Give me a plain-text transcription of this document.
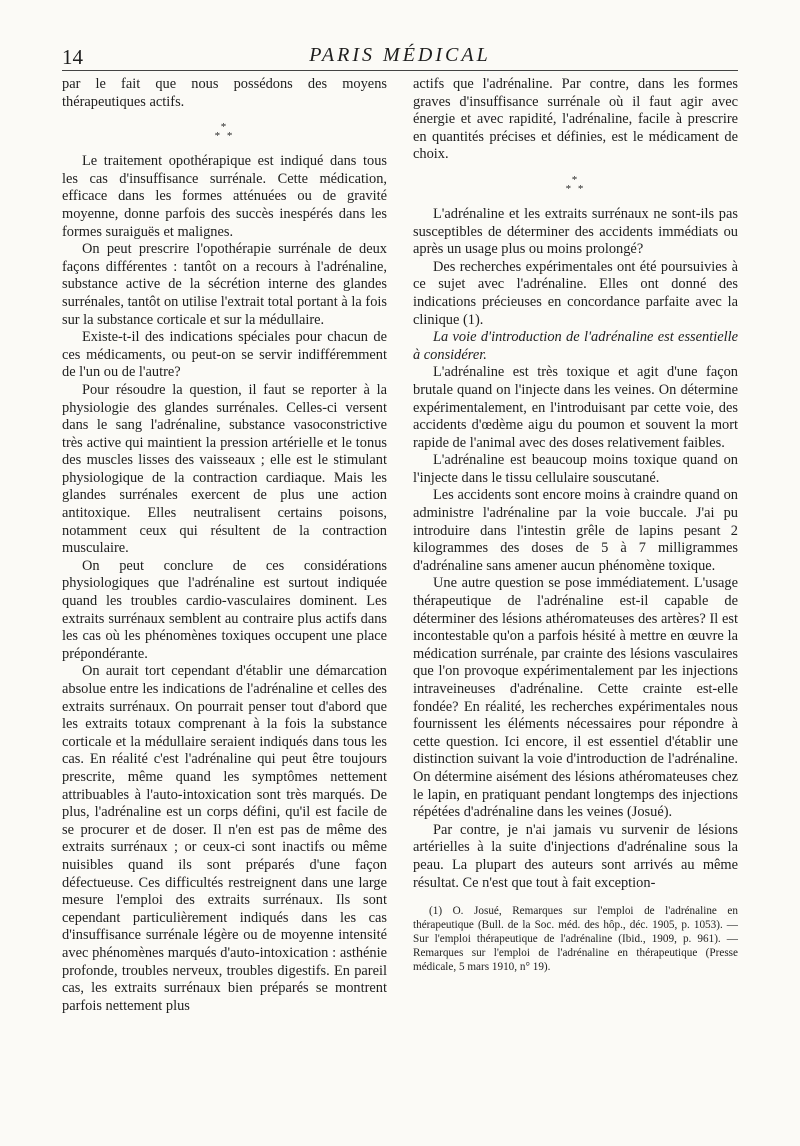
14	PARIS MÉDICAL

par le fait que nous possédons des moyens thérapeutiques actifs.

*
* *

Le traitement opothérapique est indiqué dans tous les cas d'insuffisance surrénale. Cette médication, efficace dans les formes atténuées ou de gravité moyenne, donne parfois des succès inespérés dans les formes suraiguës et malignes.

On peut prescrire l'opothérapie surrénale de deux façons différentes : tantôt on a recours à l'adrénaline, substance active de la sécrétion interne des glandes surrénales, tantôt on utilise l'extrait total portant à la fois sur la substance corticale et sur la médullaire.

Existe-t-il des indications spéciales pour chacun de ces médicaments, ou peut-on se servir indifféremment de l'un ou de l'autre?

Pour résoudre la question, il faut se reporter à la physiologie des glandes surrénales. Celles-ci versent dans le sang l'adrénaline, substance vasoconstrictive très active qui maintient la pression artérielle et le tonus des muscles lisses des vaisseaux ; elle est le stimulant physiologique de la contraction cardiaque. Mais les glandes surrénales exercent de plus une action antitoxique. Elles neutralisent certains poisons, notamment ceux qui résultent de la contraction musculaire.

On peut conclure de ces considérations physiologiques que l'adrénaline est surtout indiquée quand les troubles cardio-vasculaires dominent. Les extraits surrénaux semblent au contraire plus actifs dans les cas où les phénomènes toxiques occupent une place prépondérante.

On aurait tort cependant d'établir une démarcation absolue entre les indications de l'adrénaline et celles des extraits surrénaux. On pourrait penser tout d'abord que les extraits totaux comprenant à la fois la substance corticale et la médullaire seraient indiqués dans tous les cas. En réalité c'est l'adrénaline qui peut être toujours prescrite, même quand les symptômes nettement attribuables à l'auto-intoxication sont très marqués. De plus, l'adrénaline est un corps défini, qu'il est facile de se procurer et de doser. Il n'en est pas de même des extraits surrénaux ; or ceux-ci sont inactifs ou même nuisibles quand ils sont préparés d'une façon défectueuse. Ces difficultés restreignent dans une large mesure l'emploi des extraits surrénaux. Ils sont cependant particulièrement indiqués dans les cas d'insuffisance surrénale légère ou de moyenne intensité avec phénomènes marqués d'auto-intoxication : asthénie profonde, troubles nerveux, troubles digestifs. En pareil cas, les extraits surrénaux bien préparés se montrent parfois nettement plus

actifs que l'adrénaline. Par contre, dans les formes graves d'insuffisance surrénale où il faut agir avec énergie et avec rapidité, l'adrénaline, facile à prescrire en quantités précises et définies, est le médicament de choix.

*
* *

L'adrénaline et les extraits surrénaux ne sont-ils pas susceptibles de déterminer des accidents immédiats ou après un usage plus ou moins prolongé?

Des recherches expérimentales ont été poursuivies à ce sujet avec l'adrénaline. Elles ont donné des indications précieuses en concordance parfaite avec la clinique (1).

La voie d'introduction de l'adrénaline est essentielle à considérer.

L'adrénaline est très toxique et agit d'une façon brutale quand on l'injecte dans les veines. On détermine expérimentalement, en l'introduisant par cette voie, des accidents d'œdème aigu du poumon et souvent la mort rapide de l'animal avec des doses relativement faibles.

L'adrénaline est beaucoup moins toxique quand on l'injecte dans le tissu cellulaire souscutané.

Les accidents sont encore moins à craindre quand on administre l'adrénaline par la voie buccale. J'ai pu introduire dans l'intestin grêle de lapins pesant 2 kilogrammes des doses de 5 à 7 milligrammes d'adrénaline sans amener aucun phénomène toxique.

Une autre question se pose immédiatement. L'usage thérapeutique de l'adrénaline est-il capable de déterminer des lésions athéromateuses des artères? Il est incontestable qu'on a parfois hésité à mettre en œuvre la médication surrénale, par crainte des lésions vasculaires que l'on provoque expérimentalement par les injections intraveineuses d'adrénaline. Cette crainte est-elle fondée? En réalité, les recherches expérimentales nous fournissent les éléments nécessaires pour répondre à cette question. Ici encore, il est essentiel d'établir une distinction suivant la voie d'introduction de l'adrénaline. On détermine aisément des lésions athéromateuses chez le lapin, en pratiquant pendant longtemps des injections répétées d'adrénaline dans les veines (Josué).

Par contre, je n'ai jamais vu survenir de lésions artérielles à la suite d'injections d'adrénaline sous la peau. La plupart des auteurs sont arrivés au même résultat. Ce n'est que tout à fait exception-

(1) O. Josué, Remarques sur l'emploi de l'adrénaline en thérapeutique (Bull. de la Soc. méd. des hôp., déc. 1905, p. 1053). — Sur l'emploi thérapeutique de l'adrénaline (Ibid., 1909, p. 961). — Remarques sur l'emploi de l'adrénaline en thérapeutique (Presse médicale, 5 mars 1910, n° 19).
